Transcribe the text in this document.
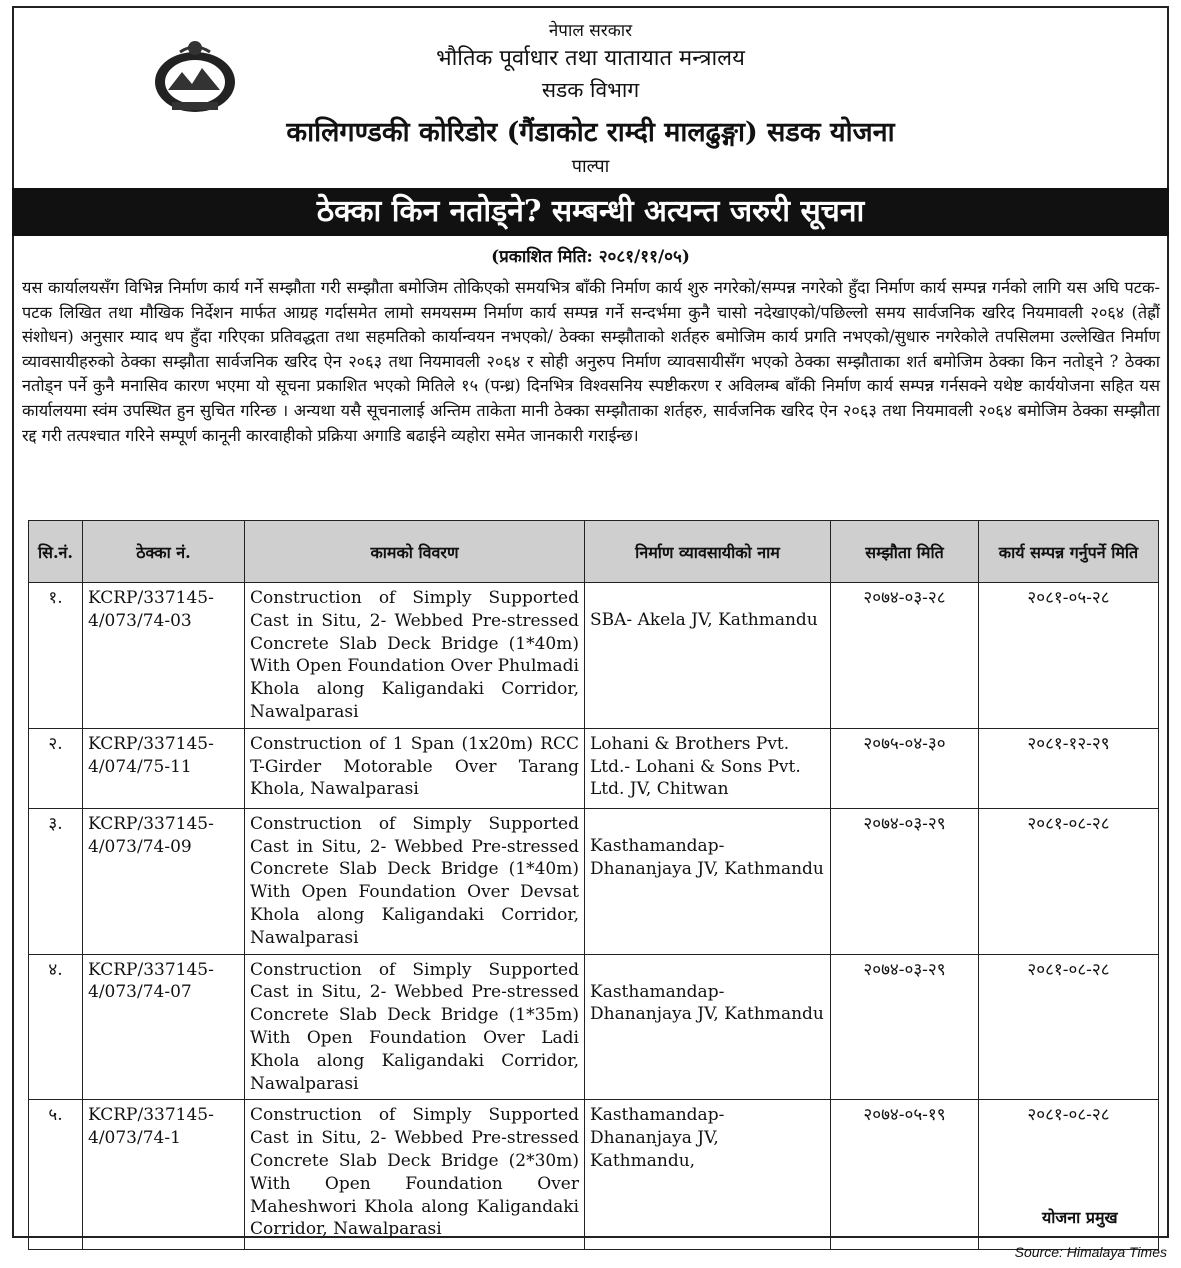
नेपाल सरकार
भौतिक पूर्वाधार तथा यातायात मन्त्रालय
सडक विभाग
कालिगण्डकी कोरिडोर (गैंडाकोट राम्दी मालढुङ्गा) सडक योजना
पाल्पा
ठेक्का किन नतोड्ने? सम्बन्धी अत्यन्त जरुरी सूचना
(प्रकाशित मिति: २०८१/११/०५)
यस कार्यालयसँग विभिन्न निर्माण कार्य गर्ने सम्झौता गरी सम्झौता बमोजिम तोकिएको समयभित्र बाँकी निर्माण कार्य शुरु नगरेको/सम्पन्न नगरेको हुँदा निर्माण कार्य सम्पन्न गर्नको लागि यस अघि पटक-पटक लिखित तथा मौखिक निर्देशन मार्फत आग्रह गर्दासमेत लामो समयसम्म निर्माण कार्य सम्पन्न गर्ने सन्दर्भमा कुनै चासो नदेखाएको/पछिल्लो समय सार्वजनिक खरिद नियमावली २०६४ (तेह्रौं संशोधन) अनुसार म्याद थप हुँदा गरिएका प्रतिवद्धता तथा सहमतिको कार्यान्वयन नभएको/ ठेक्का सम्झौताको शर्तहरु बमोजिम कार्य प्रगति नभएको/सुधारु नगरेकोले तपसिलमा उल्लेखित निर्माण व्यावसायीहरुको ठेक्का सम्झौता सार्वजनिक खरिद ऐन २०६३ तथा नियमावली २०६४ र सोही अनुरुप निर्माण व्यावसायीसँग भएको ठेक्का सम्झौताका शर्त बमोजिम ठेक्का किन नतोड्ने ? ठेक्का नतोड्न पर्ने कुनै मनासिव कारण भएमा यो सूचना प्रकाशित भएको मितिले १५ (पन्ध्र) दिनभित्र विश्वसनिय स्पष्टीकरण र अविलम्ब बाँकी निर्माण कार्य सम्पन्न गर्नसक्ने यथेष्ट कार्ययोजना सहित यस कार्यालयमा स्वंम उपस्थित हुन सुचित गरिन्छ । अन्यथा यसै सूचनालाई अन्तिम ताकेता मानी ठेक्का सम्झौताका शर्तहरु, सार्वजनिक खरिद ऐन २०६३ तथा नियमावली २०६४ बमोजिम ठेक्का सम्झौता रद्द गरी तत्पश्चात गरिने सम्पूर्ण कानूनी कारवाहीको प्रक्रिया अगाडि बढाईने व्यहोरा समेत जानकारी गराईन्छ।
सि.नं.	ठेक्का नं.	कामको विवरण	निर्माण व्यावसायीको नाम	सम्झौता मिति	कार्य सम्पन्न गर्नुपर्ने मिति
१.	KCRP/337145-4/073/74-03	Construction of Simply Supported Cast in Situ, 2- Webbed Pre-stressed Concrete Slab Deck Bridge (1*40m) With Open Foundation Over Phulmadi Khola along Kaligandaki Corridor, Nawalparasi	SBA- Akela JV, Kathmandu	२०७४-०३-२८	२०८१-०५-२८
२.	KCRP/337145-4/074/75-11	Construction of 1 Span (1x20m) RCC T-Girder Motorable Over Tarang Khola, Nawalparasi	Lohani & Brothers Pvt. Ltd.- Lohani & Sons Pvt. Ltd. JV, Chitwan	२०७५-०४-३०	२०८१-१२-२९
३.	KCRP/337145-4/073/74-09	Construction of Simply Supported Cast in Situ, 2- Webbed Pre-stressed Concrete Slab Deck Bridge (1*40m) With Open Foundation Over Devsat Khola along Kaligandaki Corridor, Nawalparasi	Kasthamandap-Dhananjaya JV, Kathmandu	२०७४-०३-२९	२०८१-०८-२८
४.	KCRP/337145-4/073/74-07	Construction of Simply Supported Cast in Situ, 2- Webbed Pre-stressed Concrete Slab Deck Bridge (1*35m) With Open Foundation Over Ladi Khola along Kaligandaki Corridor, Nawalparasi	Kasthamandap-Dhananjaya JV, Kathmandu	२०७४-०३-२९	२०८१-०८-२८
५.	KCRP/337145-4/073/74-1	Construction of Simply Supported Cast in Situ, 2- Webbed Pre-stressed Concrete Slab Deck Bridge (2*30m) With Open Foundation Over Maheshwori Khola along Kaligandaki Corridor, Nawalparasi	Kasthamandap-Dhananjaya JV, Kathmandu,	२०७४-०५-१९	२०८१-०८-२८
योजना प्रमुख
Source: Himalaya Times
